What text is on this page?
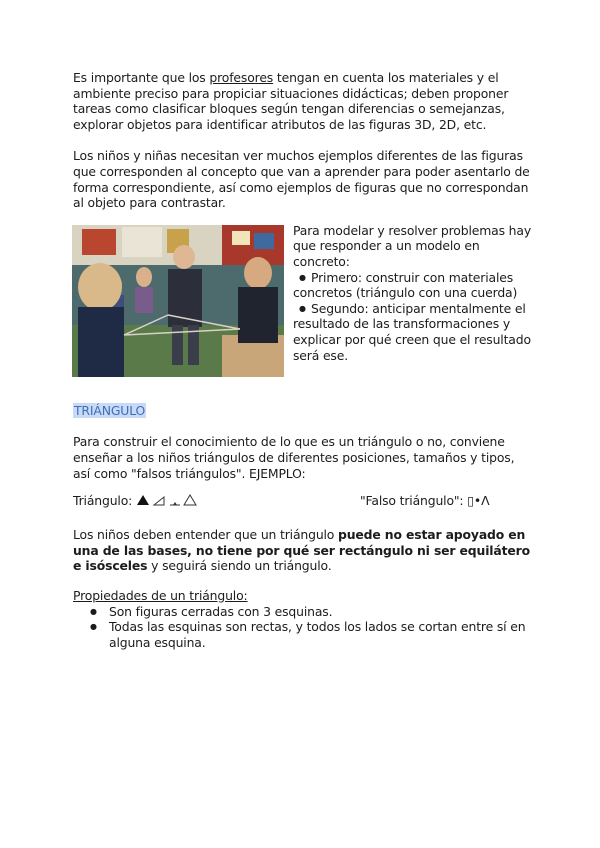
Es importante que los profesores tengan en cuenta los materiales y el ambiente preciso para propiciar situaciones didácticas; deben proponer tareas como clasificar bloques según tengan diferencias o semejanzas, explorar objetos para identificar atributos de las figuras 3D, 2D, etc.

Los niños y niñas necesitan ver muchos ejemplos diferentes de las figuras que corresponden al concepto que van a aprender para poder asentarlo de forma correspondiente, así como ejemplos de figuras que no correspondan al objeto para contrastar.

Para modelar y resolver problemas hay que responder a un modelo en concreto:

● Primero: construir con materiales concretos (triángulo con una cuerda)
● Segundo: anticipar mentalmente el resultado de las transformaciones y explicar por qué creen que el resultado será ese.
TRIÁNGULO

Para construir el conocimiento de lo que es un triángulo o no, conviene enseñar a los niños triángulos de diferentes posiciones, tamaños y tipos, así como "falsos triángulos". EJEMPLO:

Triángulo:	"Falso triángulo": ▯•Λ

Los niños deben entender que un triángulo puede no estar apoyado en una de las bases, no tiene por qué ser rectángulo ni ser equilátero e isósceles y seguirá siendo un triángulo.

Propiedades de un triángulo:

● Son figuras cerradas con 3 esquinas.
● Todas las esquinas son rectas, y todos los lados se cortan entre sí en alguna esquina.
